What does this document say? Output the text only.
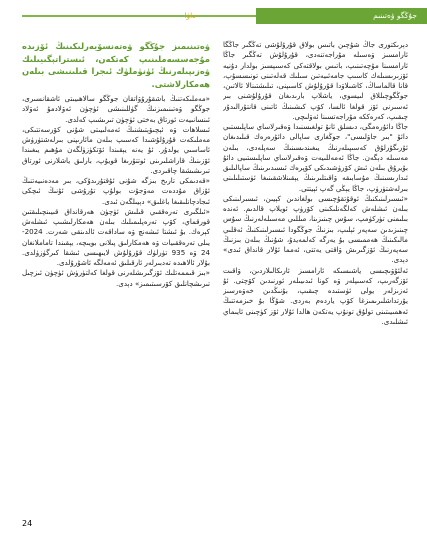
داۋا	جۇڭگو ۋەتىنىم

دېرىكتورى جاڭ شۇچىن باتىس بولاق قۇرۇلۇشى تەڭگىر جاڭگا ئارامسىز ۋەسىلە مۇراجەتنەدى، قۇرۇلۇش تەڭگىر جاڭا ئارامسىنا مۇچەتىنىپ، باتىس بولاقتەكى كەسىپسىز بولدار دۇنيە ئۆزىرىسىلەك كاسىپ جامەئىيەتىن سىلىك قەلەتىنى تونىسسۇپ، قانا قالماساڭ، كاشىلاۋدا قۇرۇلۇش كاسىپنى، تىلىشتىنالا ئالاتىن، جوڭگوچىللاق لىيسوي، ياشلاپ بارىدىغان قۇرۇلۇشنى بىر ئەسىرنى ئۆز قولغا ئالسا، كۆپ كىشىنىڭ ئاتىنى قانتۇرالىدۇر چىقىپ، كەرەككە مۇراجەتسىنا ئەۋلىچى.

جاڭا دائۇرەمگى، دىسلق ئانۇ تولغىسنىدا ۋەقىرلاساي ساپلىستىي دائۇ "بىر جاۋلىسى"، جوڭغارى ساپالى دائۇرەرەك قىلىدىغان ئۇرىگۇرلۇق كەسىپىلەرنىڭ يىغىندىسىنىڭ سەپلەدى، بىلەن مەسىلە دېگەن. جاڭا ئەمەللىيەت ۋەقىرلاساي ساپلىستىيى دائۇ بۇيرۇق بىلەن ئىش كۆرۈشىدىكى كۆپرەك ئىسىدىرىنىڭ ساپالىلىق ئىدارىسىنىڭ مۇسابىقە ۋاقىتلىرىنىڭ يېقىنلاشقىنىغا ئۈستىلىلىنى بىرلەشتۈرۈپ، جاڭا يېڭى گەپ ئېيتتى.

«ئىسىرلىنىكنىڭ ئوقۇتقۇچىسى بولغاندىن كېيىن، ئىسىرلىنىكى بىلەن ئىشلەش كەلگەنلىكىنى كۆرۈپ ئويلاپ قالدىم. ئەندە بىلىمنى تۈركۈمپ، سۇس چىنىزىنا، مىللىي مەسىلەلەرنىڭ سۇس چىنىزىدىن سەپەر ئېلىپ، بىزنىڭ جوڭگودا ئىسىرلىنىكنىڭ ئەقلىي مالىكىنىڭ ھەممىسى بۇ يەرگە كەلمەيدۇ، شۇنىڭ بىلەن بىزنىڭ سەپەرنىڭ ئۆزگىرىش ۋاقتى يەتتى، ئەمما ئۇلار قانداق ئىدى» دېدى.

ئەلئۇۋىچىسى ياشىسىكە ئارامسىز ئارىكالىلاردىن، ۋاقىت ئۆزگەرىپ، كەسىپلەر ۋە كونا ئىدىيىلەر ئورنىدىن كۆچتى. ئۇ ئەزىزلەر يولى ئۈستىدە چىقىپ، بۇنىڭدىن خەۋەرسىز يۇرتداشلىرىمىزغا كۆپ ياردەم بەردى. شۇڭا بۇ خىزمەتنىڭ ئەھمىيىتىنى تولۇق تونۇپ يەتكەن ھالدا ئۇلار ئۆز كۈچىنى ئايىماي ئىشلىدى.

ۋەتىنىمىز جۇڭگو ۋەتەنسۆيەرلىكىنىڭ ئۆزىدە مۇجەسسەملىنىپ كەتكەن، ئىستراتېگىيىلىك ۋەزىپىلەرنىڭ ئۈنۈملۈك ئىجرا قىلىنىشى بىلەن ھەمكارلاشتى.

«مەملىكەتنىڭ باشقۇرۇۋاتقان جوڭگو سالاھىيىتى ئاشقانسىرى، جوڭگو ۋەتىنىمىزنىڭ گۈللىنىشى ئۈچۈن ئەۋلادمۇ ئەۋلاد ئىنسانىيەت ئورتاق بەختى ئۈچۈن تىرىشىپ كەلدى.

ئىسلاھات ۋە ئېچىۋېتىشنىڭ ئەمەلىيىتى شۇنى كۆرسەتتىكى، مەملىكەت قۇرۇلۇشىدا كەسىپ بىلەن مائارىپنى بىرلەشتۈرۈش ئاساسىي يولدۇر. ئۇ يەنە يېقىندا ئۆتكۈزۈلگەن مۇھىم يىغىندا ئۆزىنىڭ قاراشلىرىنى ئوتتۇرىغا قويۇپ، بارلىق ياشلارنى ئورتاق تىرىشىشقا چاقىردى.

«قەدىمكى تارىخ بىزگە شۇنى ئۇقتۇرىدۇكى، بىر مەدەنىيەتنىڭ ئۇزاق مۇددەت مەۋجۇت بولۇپ تۇرۇشى ئۇنىڭ ئىچكى ئىجادچانلىقىغا باغلىق» دېيىلگەن ئىدى.

«ئىلگىرى تەرەققىي قىلىش ئۈچۈن ھەرقانداق قىيىنچىلىقتىن قورقماي، كۆپ تەرەپلىمىلىك بىلەن ھەمكارلىشىپ ئىشلەش كېرەك. بۇ ئىشتا ئىشەنچ ۋە ساداقەت ئالدىنقى شەرت. 2024-يىلى تەرەققىيات ۋە ھەمكارلىق پىلانى بويىچە، يېقىندا تاماملانغان 24 ۋە 935 تۈرلۈك قۇرۇلۇش لايىھىسى ئىشقا كىرگۈزۈلدى. بۇلار ئالاھىدە تەدبىرلەر ئارقىلىق ئەمەلگە ئاشۇرۇلدى.

«بىز قىممەتلىك ئۆزگىرىشلەرنى قولغا كەلتۈرۈش ئۈچۈن ئىزچىل تىرىشچانلىق كۆرسىتىمىز» دېدى.

24
